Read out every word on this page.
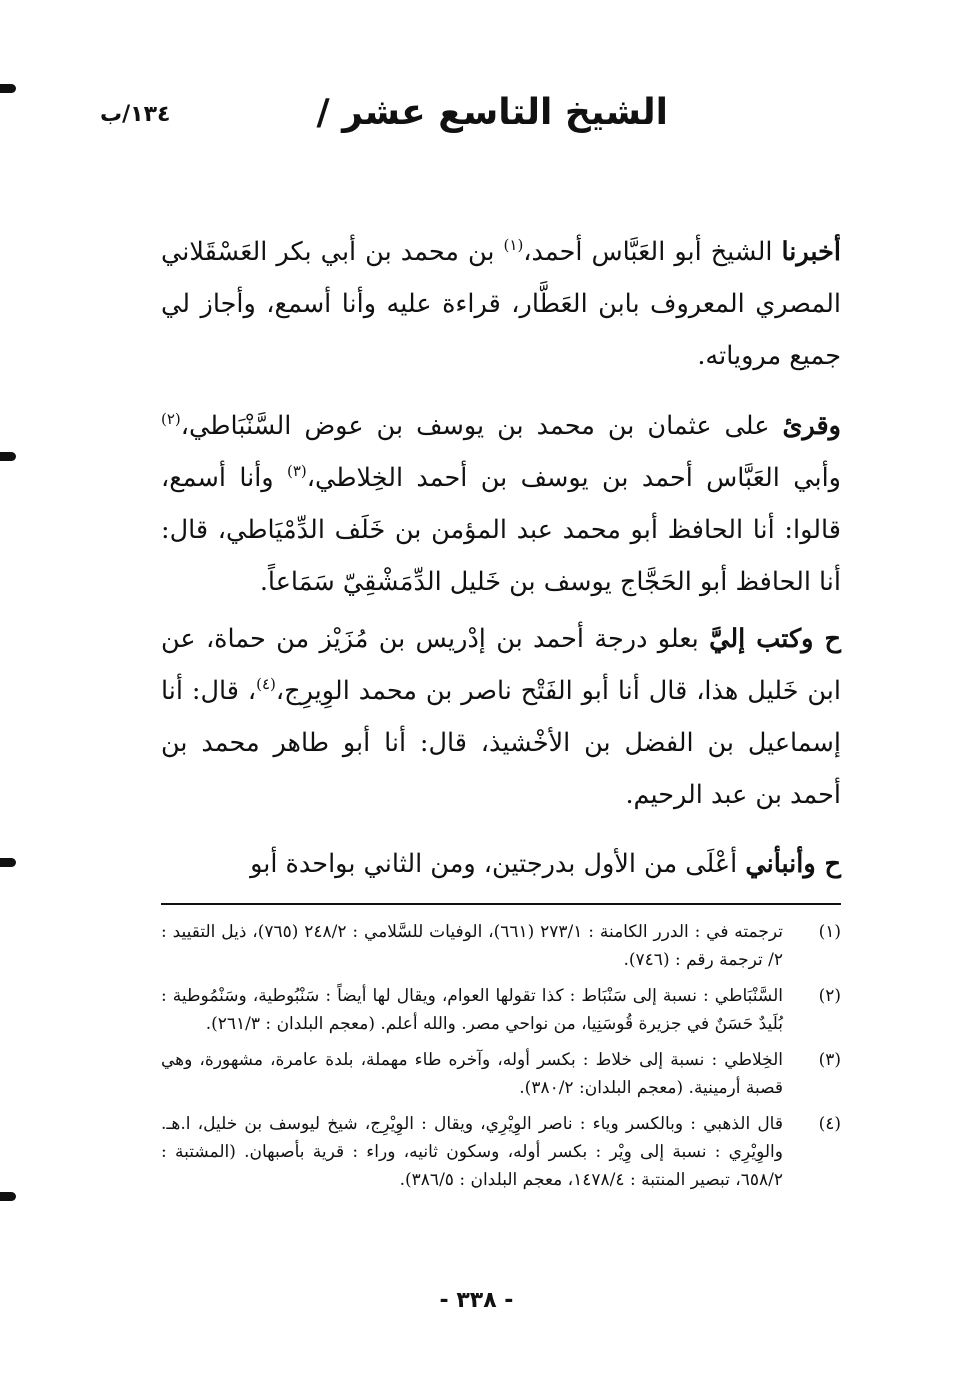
الشيخ التاسع عشر /
١٣٤/ب
أخبرنا الشيخ أبو العَبَّاس أحمد،$^{(١)}$ بن محمد بن أبي بكر العَسْقَلاني المصري المعروف بابن العَطَّار، قراءة عليه وأنا أسمع، وأجاز لي جميع مروياته.
وقرئ على عثمان بن محمد بن يوسف بن عوض السَّنْبَاطي،$^{(٢)}$ وأبي العَبَّاس أحمد بن يوسف بن أحمد الخِلاطي،$^{(٣)}$ وأنا أسمع، قالوا: أنا الحافظ أبو محمد عبد المؤمن بن خَلَف الدِّمْيَاطي، قال: أنا الحافظ أبو الحَجَّاج يوسف بن خَليل الدِّمَشْقِيّ سَمَاعاً.
ح وكتب إليَّ بعلو درجة أحمد بن إدْريس بن مُزَيْز من حماة، عن ابن خَليل هذا، قال أنا أبو الفَتْح ناصر بن محمد الوِيرِج،$^{(٤)}$، قال: أنا إسماعيل بن الفضل بن الأخْشيذ، قال: أنا أبو طاهر محمد بن أحمد بن عبد الرحيم.
ح وأنبأني أعْلَى من الأول بدرجتين، ومن الثاني بواحدة أبو
(١)
ترجمته في : الدرر الكامنة : ٢٧٣/١ (٦٦١)، الوفيات للسَّلامي : ٢٤٨/٢ (٧٦٥)، ذيل التقييد : ٢/ ترجمة رقم : (٧٤٦).
(٢)
السَّنْبَاطي : نسبة إلى سَنْبَاط : كذا تقولها العوام، ويقال لها أيضاً : سَنْبُوطية، وسَنْمُوطية : بُلَيدٌ حَسَنٌ في جزيرة قُوسَنِيا، من نواحي مصر. والله أعلم. (معجم البلدان : ٢٦١/٣).
(٣)
الخِلاطي : نسبة إلى خلاط : بكسر أوله، وآخره طاء مهملة، بلدة عامرة، مشهورة، وهي قصبة أرمينية. (معجم البلدان: ٣٨٠/٢).
(٤)
قال الذهبي : وبالكسر وياء : ناصر الوِيْرِي، ويقال : الوِيْرِج، شيخ ليوسف بن خليل، ا.هـ. والوِيْرِي : نسبة إلى وِيْر : بكسر أوله، وسكون ثانيه، وراء : قرية بأصبهان. (المشتبة : ٦٥٨/٢، تبصير المنتبة : ١٤٧٨/٤، معجم البلدان : ٣٨٦/٥).
- ٣٣٨ -
